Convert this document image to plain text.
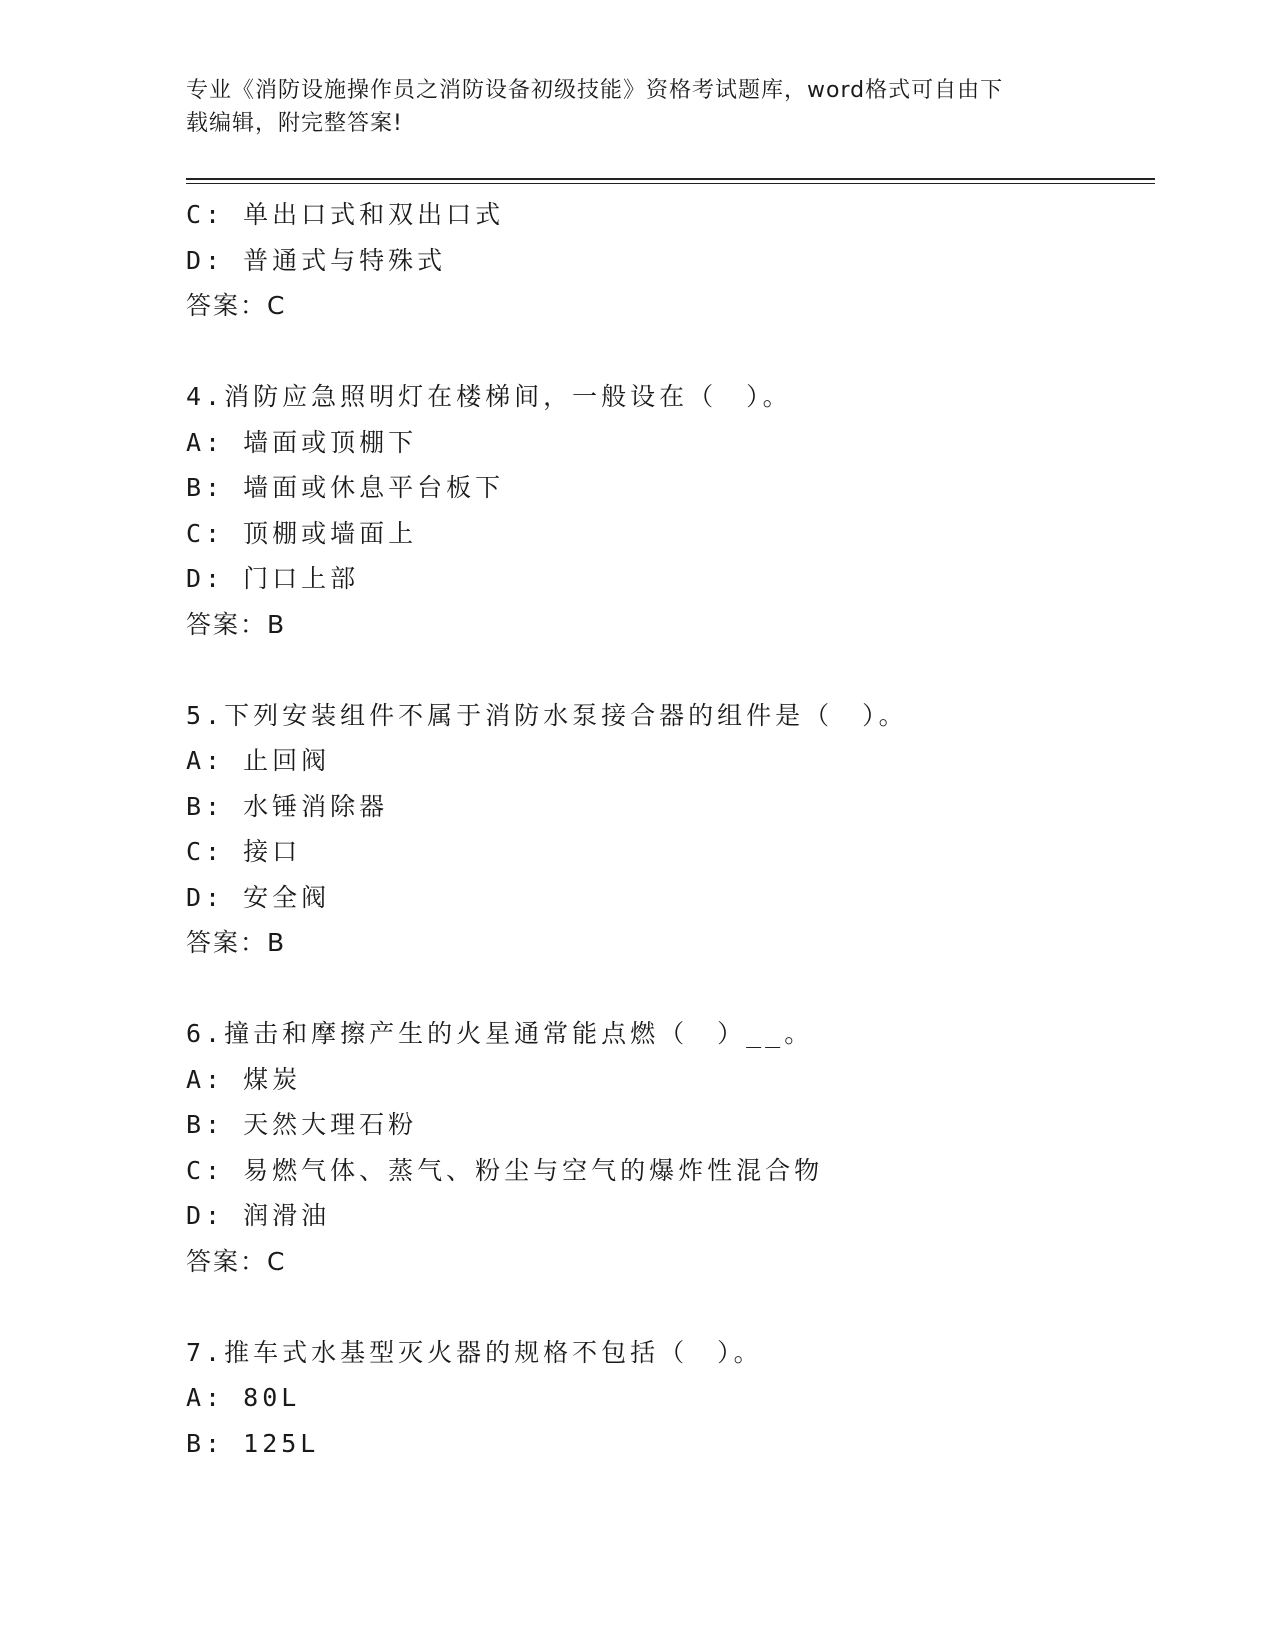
专业《消防设施操作员之消防设备初级技能》资格考试题库，word格式可自由下
载编辑，附完整答案!
C: 单出口式和双出口式
D: 普通式与特殊式
答案：C
4.消防应急照明灯在楼梯间，一般设在（　）。
A: 墙面或顶棚下
B: 墙面或休息平台板下
C: 顶棚或墙面上
D: 门口上部
答案：B
5.下列安装组件不属于消防水泵接合器的组件是（　）。
A: 止回阀
B: 水锤消除器
C: 接口
D: 安全阀
答案：B
6.撞击和摩擦产生的火星通常能点燃（　）__。
A: 煤炭
B: 天然大理石粉
C: 易燃气体、蒸气、粉尘与空气的爆炸性混合物
D: 润滑油
答案：C
7.推车式水基型灭火器的规格不包括（　）。
A: 80L
B: 125L
